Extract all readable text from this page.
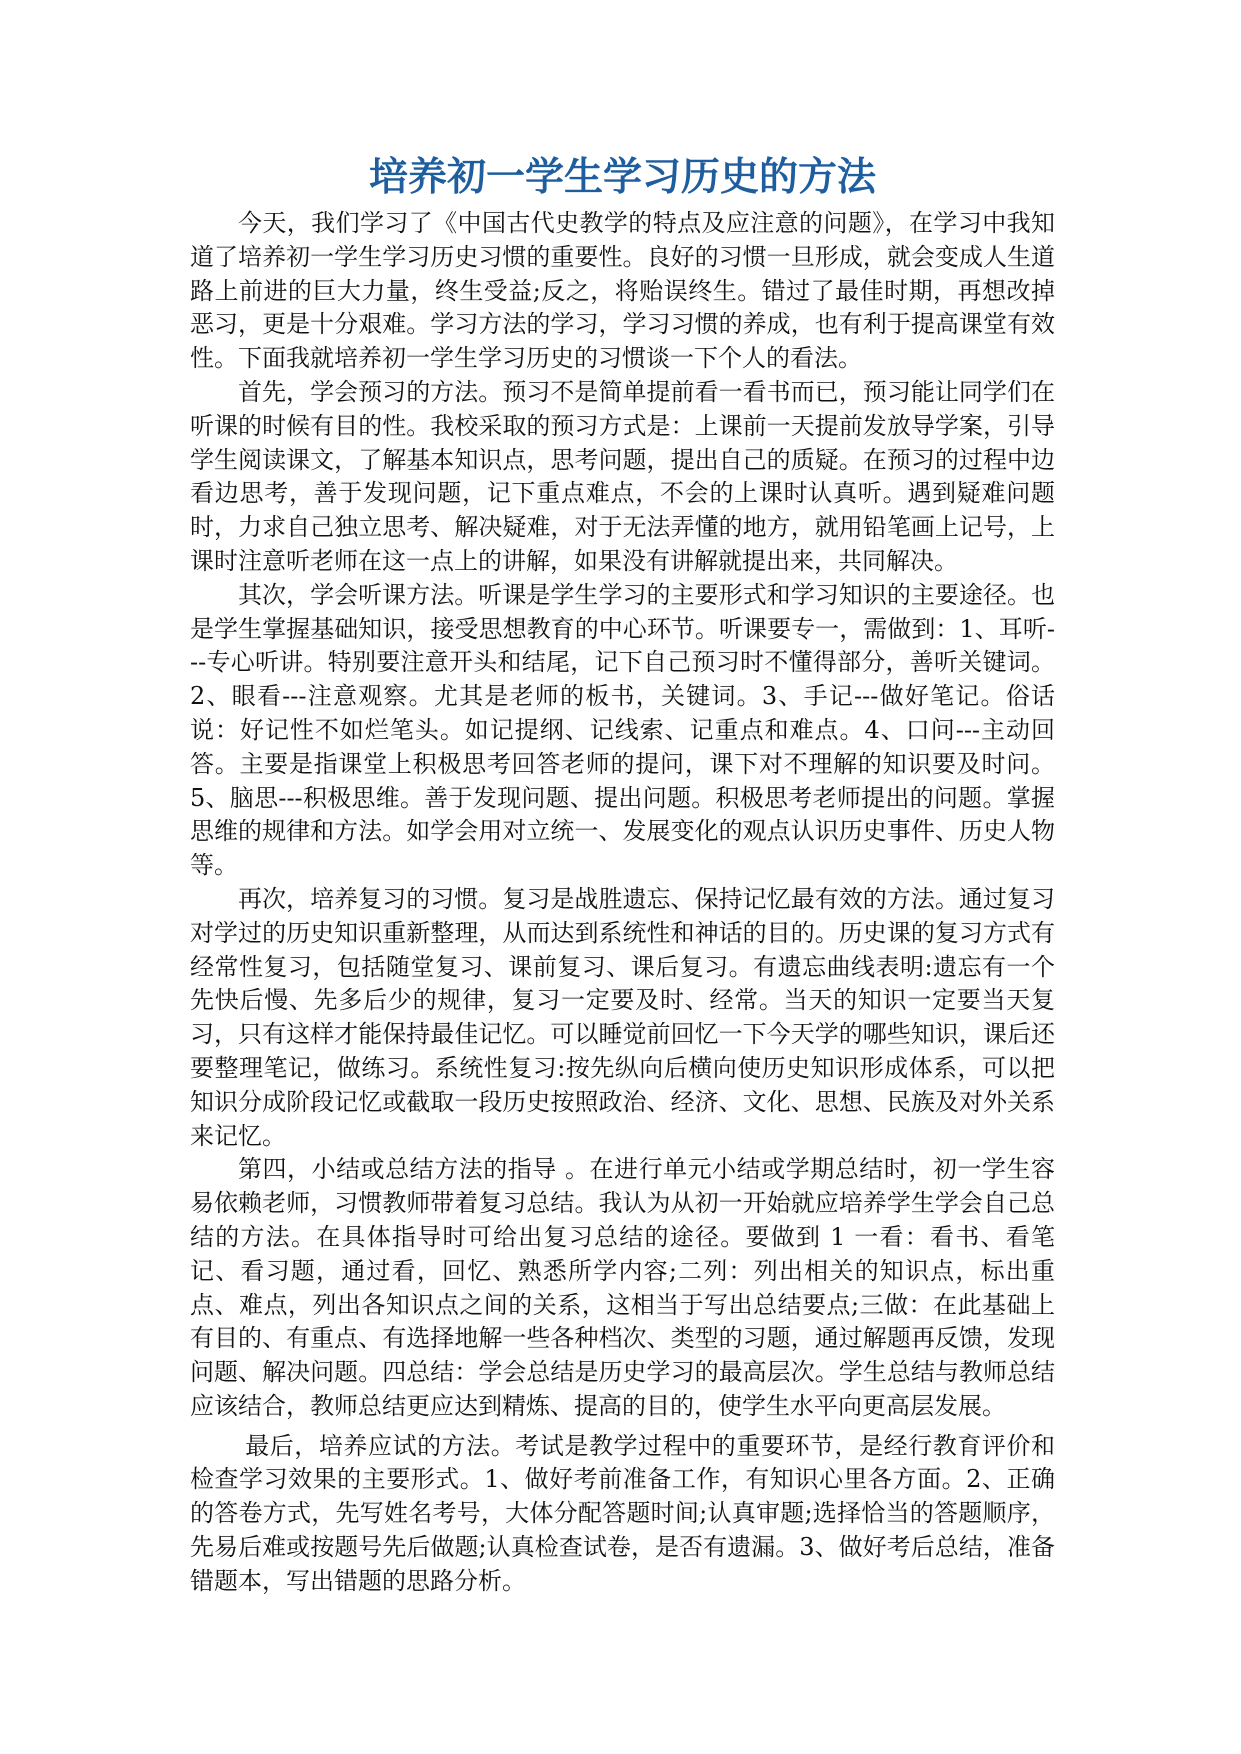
培养初一学生学习历史的方法

今天，我们学习了《中国古代史教学的特点及应注意的问题》，在学习中我知道了培养初一学生学习历史习惯的重要性。良好的习惯一旦形成，就会变成人生道路上前进的巨大力量，终生受益;反之，将贻误终生。错过了最佳时期，再想改掉恶习，更是十分艰难。学习方法的学习，学习习惯的养成，也有利于提高课堂有效性。下面我就培养初一学生学习历史的习惯谈一下个人的看法。

首先，学会预习的方法。预习不是简单提前看一看书而已，预习能让同学们在听课的时候有目的性。我校采取的预习方式是：上课前一天提前发放导学案，引导学生阅读课文，了解基本知识点，思考问题，提出自己的质疑。在预习的过程中边看边思考，善于发现问题，记下重点难点，不会的上课时认真听。遇到疑难问题时，力求自己独立思考、解决疑难，对于无法弄懂的地方，就用铅笔画上记号，上课时注意听老师在这一点上的讲解，如果没有讲解就提出来，共同解决。

其次，学会听课方法。听课是学生学习的主要形式和学习知识的主要途径。也是学生掌握基础知识，接受思想教育的中心环节。听课要专一，需做到：1、耳听---专心听讲。特别要注意开头和结尾，记下自己预习时不懂得部分，善听关键词。2、眼看---注意观察。尤其是老师的板书，关键词。3、手记---做好笔记。俗话说：好记性不如烂笔头。如记提纲、记线索、记重点和难点。4、口问---主动回答。主要是指课堂上积极思考回答老师的提问，课下对不理解的知识要及时问。5、脑思---积极思维。善于发现问题、提出问题。积极思考老师提出的问题。掌握思维的规律和方法。如学会用对立统一、发展变化的观点认识历史事件、历史人物等。

再次，培养复习的习惯。复习是战胜遗忘、保持记忆最有效的方法。通过复习对学过的历史知识重新整理，从而达到系统性和神话的目的。历史课的复习方式有经常性复习，包括随堂复习、课前复习、课后复习。有遗忘曲线表明:遗忘有一个先快后慢、先多后少的规律，复习一定要及时、经常。当天的知识一定要当天复习，只有这样才能保持最佳记忆。可以睡觉前回忆一下今天学的哪些知识，课后还要整理笔记，做练习。系统性复习:按先纵向后横向使历史知识形成体系，可以把知识分成阶段记忆或截取一段历史按照政治、经济、文化、思想、民族及对外关系来记忆。

第四，小结或总结方法的指导 。在进行单元小结或学期总结时，初一学生容易依赖老师，习惯教师带着复习总结。我认为从初一开始就应培养学生学会自己总结的方法。在具体指导时可给出复习总结的途径。要做到 1 一看：看书、看笔记、看习题，通过看，回忆、熟悉所学内容;二列：列出相关的知识点，标出重点、难点，列出各知识点之间的关系，这相当于写出总结要点;三做：在此基础上有目的、有重点、有选择地解一些各种档次、类型的习题，通过解题再反馈，发现问题、解决问题。四总结：学会总结是历史学习的最高层次。学生总结与教师总结应该结合，教师总结更应达到精炼、提高的目的，使学生水平向更高层发展。

最后，培养应试的方法。考试是教学过程中的重要环节，是经行教育评价和检查学习效果的主要形式。1、做好考前准备工作，有知识心里各方面。2、正确的答卷方式，先写姓名考号，大体分配答题时间;认真审题;选择恰当的答题顺序，先易后难或按题号先后做题;认真检查试卷，是否有遗漏。3、做好考后总结，准备错题本，写出错题的思路分析。
